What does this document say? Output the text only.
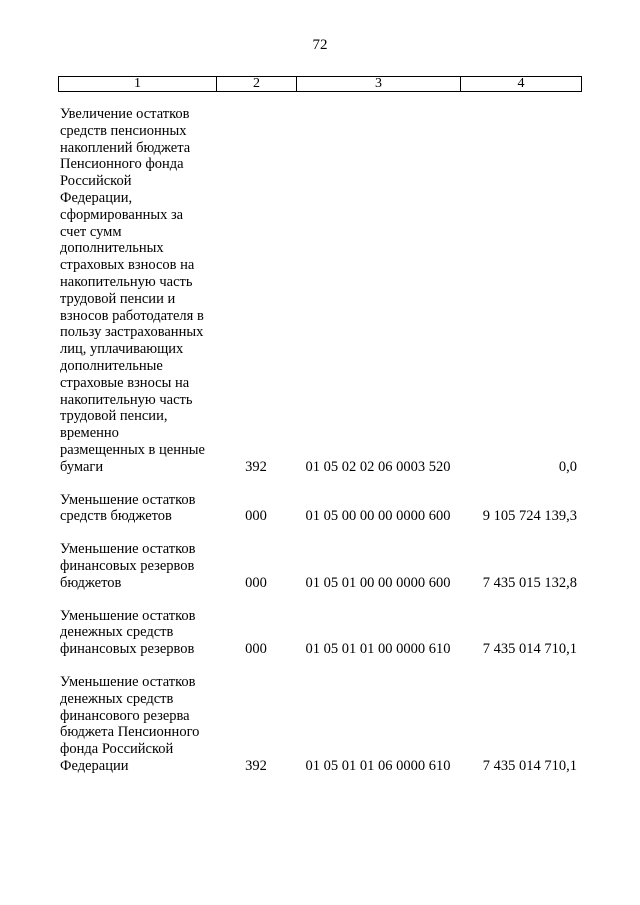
72
1	2	3	4
Увеличение остатков
средств пенсионных
накоплений бюджета
Пенсионного фонда
Российской
Федерации,
сформированных за
счет сумм
дополнительных
страховых взносов на
накопительную часть
трудовой пенсии и
взносов работодателя в
пользу застрахованных
лиц, уплачивающих
дополнительные
страховые взносы на
накопительную часть
трудовой пенсии,
временно
размещенных в ценные
бумаги	392	01 05 02 02 06 0003 520	0,0
Уменьшение остатков
средств бюджетов	000	01 05 00 00 00 0000 600	9 105 724 139,3
Уменьшение остатков
финансовых резервов
бюджетов	000	01 05 01 00 00 0000 600	7 435 015 132,8
Уменьшение остатков
денежных средств
финансовых резервов	000	01 05 01 01 00 0000 610	7 435 014 710,1
Уменьшение остатков
денежных средств
финансового резерва
бюджета Пенсионного
фонда Российской
Федерации	392	01 05 01 01 06 0000 610	7 435 014 710,1
